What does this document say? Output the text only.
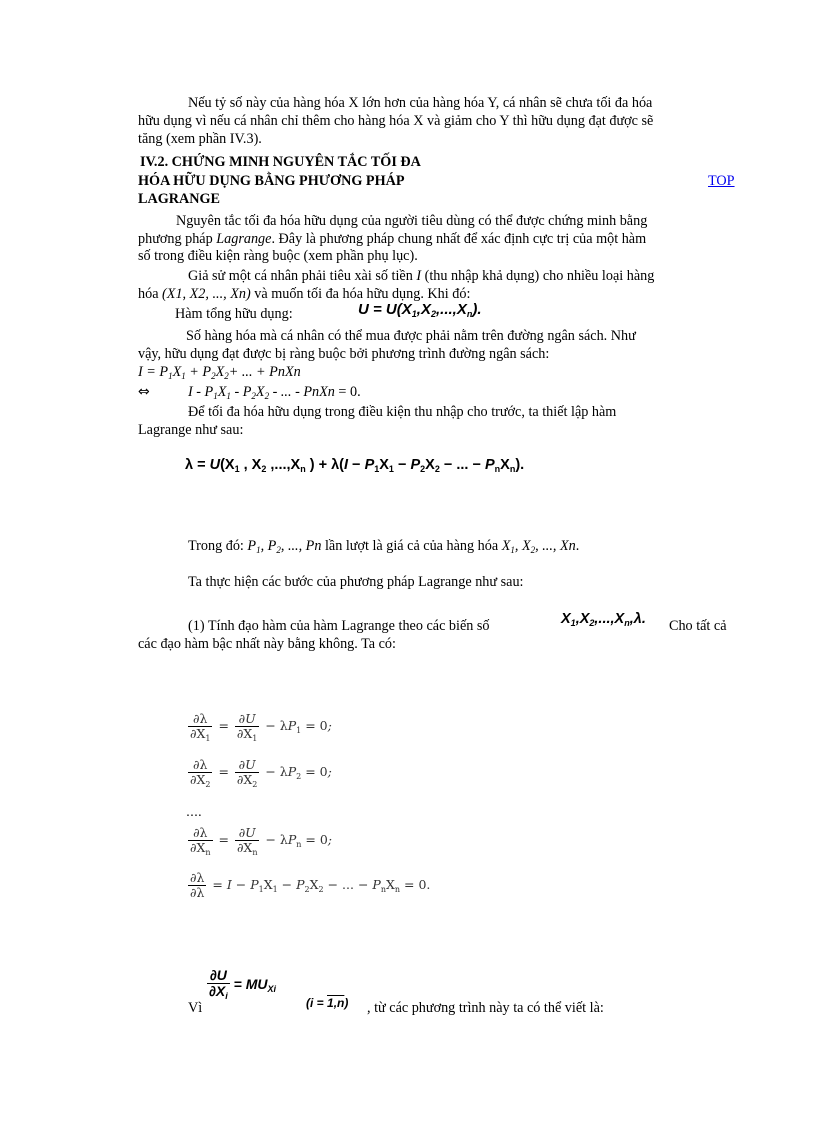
Nếu tỷ số này của hàng hóa X lớn hơn của hàng hóa Y, cá nhân sẽ chưa tối đa hóa
hữu dụng vì nếu cá nhân chỉ thêm cho hàng hóa X và giảm cho Y thì hữu dụng đạt được sẽ
tăng (xem phần IV.3).
IV.2. CHỨNG MINH NGUYÊN TẮC TỐI ĐA
HÓA HỮU DỤNG BẰNG PHƯƠNG PHÁP
LAGRANGE
TOP
Nguyên tắc tối đa hóa hữu dụng của người tiêu dùng có thể được chứng minh bằng
phương pháp Lagrange. Đây là phương pháp chung nhất để xác định cực trị của một hàm
số trong điều kiện ràng buộc (xem phần phụ lục).
Giả sử một cá nhân phải tiêu xài số tiền I (thu nhập khả dụng) cho nhiều loại hàng
hóa (X1, X2, ..., Xn) và muốn tối đa hóa hữu dụng. Khi đó:
Hàm tổng hữu dụng:	$U = U(X_1,X_2,...,X_n)$.
Số hàng hóa mà cá nhân có thể mua được phải nằm trên đường ngân sách. Như
vậy, hữu dụng đạt được bị ràng buộc bởi phương trình đường ngân sách:
$I = P_1X_1 + P_2X_2+$ ... + PnXn
⇔	I - $P_1X_1 - P_2X_2$ - ... - PnXn = 0.
Để tối đa hóa hữu dụng trong điều kiện thu nhập cho trước, ta thiết lập hàm
Lagrange như sau:
$\lambda = U(X_1$ , $X_2$ $,...,X_n$ ) + $\lambda(I - P_1X_1 - P_2X_2$ − ... − $P_nX_n$).
Trong đó: $P_1$, $P_2$, ..., Pn lần lượt là giá cả của hàng hóa $X_1$, $X_2$, ..., Xn.
Ta thực hiện các bước của phương pháp Lagrange như sau:
(1) Tính đạo hàm của hàm Lagrange theo các biến số	$X_1,X_2,...,X_n,\lambda$. Cho tất cả
các đạo hàm bậc nhất này bằng không. Ta có:
$\frac{\partial\lambda}{\partial X_1} = \frac{\partial U}{\partial X_1} - \lambda P_1 = 0$;
$\frac{\partial\lambda}{\partial X_2} = \frac{\partial U}{\partial X_2} - \lambda P_2 = 0$;
....
$\frac{\partial\lambda}{\partial X_n} = \frac{\partial U}{\partial X_n} - \lambda P_n = 0$;
$\frac{\partial\lambda}{\partial\lambda} = I - P_1X_1 - P_2X_2$ − ... − $P_nX_n = 0$.
Vì
$\frac{\partial U}{\partial X_i} = MU_{Xi}$
(i = 1,n) , từ các phương trình này ta có thể viết là:
